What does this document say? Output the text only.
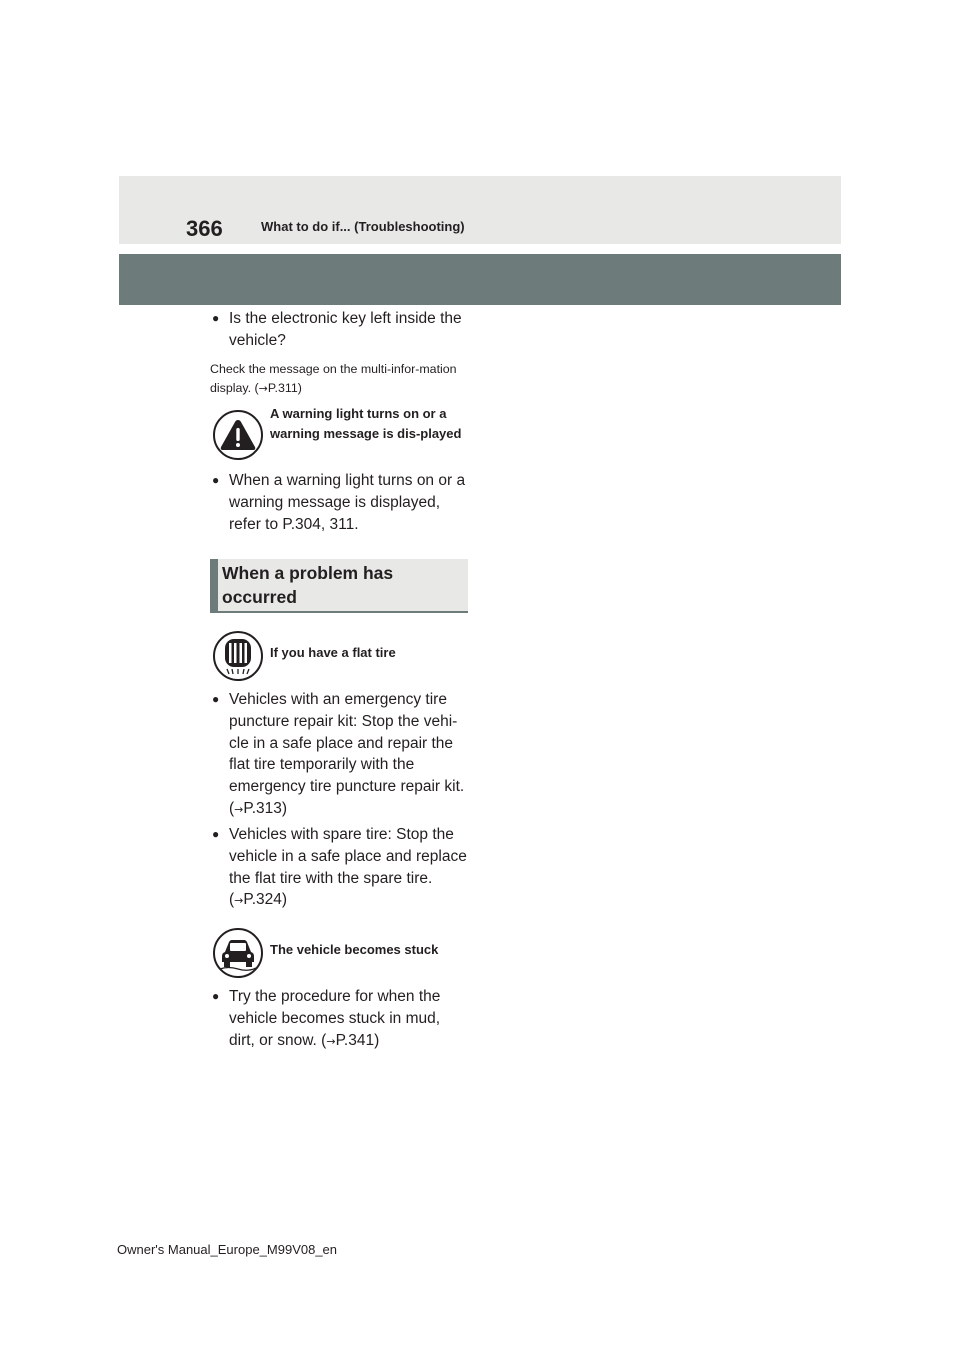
366	What to do if... (Troubleshooting)
● Is the electronic key left inside the vehicle?
Check the message on the multi-infor-mation display. (→P.311)
A warning light turns on or a warning message is dis-played
● When a warning light turns on or a warning message is displayed, refer to P.304, 311.
When a problem has occurred
If you have a flat tire
● Vehicles with an emergency tire puncture repair kit: Stop the vehi-cle in a safe place and repair the flat tire temporarily with the emergency tire puncture repair kit. (→P.313)
● Vehicles with spare tire: Stop the vehicle in a safe place and replace the flat tire with the spare tire. (→P.324)
The vehicle becomes stuck
● Try the procedure for when the vehicle becomes stuck in mud, dirt, or snow. (→P.341)
Owner's Manual_Europe_M99V08_en
